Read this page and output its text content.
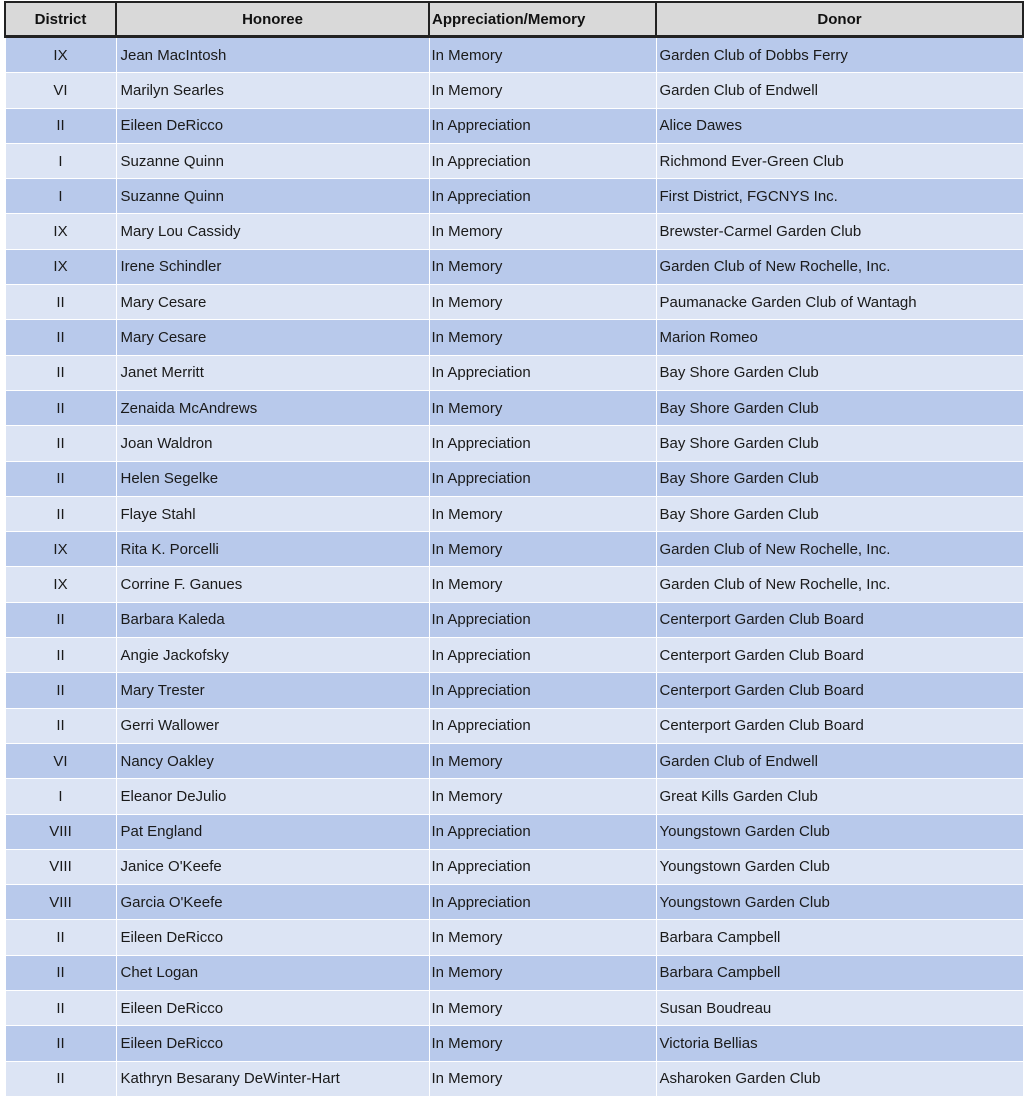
District	Honoree	Appreciation/Memory	Donor
IX	Jean MacIntosh	In Memory	Garden Club of Dobbs Ferry
VI	Marilyn Searles	In Memory	Garden Club of Endwell
II	Eileen DeRicco	In Appreciation	Alice Dawes
I	Suzanne Quinn	In Appreciation	Richmond Ever-Green Club
I	Suzanne Quinn	In Appreciation	First District, FGCNYS Inc.
IX	Mary Lou Cassidy	In Memory	Brewster-Carmel Garden Club
IX	Irene Schindler	In Memory	Garden Club of New Rochelle, Inc.
II	Mary Cesare	In Memory	Paumanacke Garden Club of Wantagh
II	Mary Cesare	In Memory	Marion Romeo
II	Janet Merritt	In Appreciation	Bay Shore Garden Club
II	Zenaida McAndrews	In Memory	Bay Shore Garden Club
II	Joan Waldron	In Appreciation	Bay Shore Garden Club
II	Helen Segelke	In Appreciation	Bay Shore Garden Club
II	Flaye Stahl	In Memory	Bay Shore Garden Club
IX	Rita K. Porcelli	In Memory	Garden Club of New Rochelle, Inc.
IX	Corrine F. Ganues	In Memory	Garden Club of New Rochelle, Inc.
II	Barbara Kaleda	In Appreciation	Centerport Garden Club Board
II	Angie Jackofsky	In Appreciation	Centerport Garden Club Board
II	Mary Trester	In Appreciation	Centerport Garden Club Board
II	Gerri Wallower	In Appreciation	Centerport Garden Club Board
VI	Nancy Oakley	In Memory	Garden Club of Endwell
I	Eleanor DeJulio	In Memory	Great Kills Garden Club
VIII	Pat England	In Appreciation	Youngstown Garden Club
VIII	Janice O'Keefe	In Appreciation	Youngstown Garden Club
VIII	Garcia O'Keefe	In Appreciation	Youngstown Garden Club
II	Eileen DeRicco	In Memory	Barbara Campbell
II	Chet Logan	In Memory	Barbara Campbell
II	Eileen DeRicco	In Memory	Susan Boudreau
II	Eileen DeRicco	In Memory	Victoria Bellias
II	Kathryn Besarany DeWinter-Hart	In Memory	Asharoken Garden Club
